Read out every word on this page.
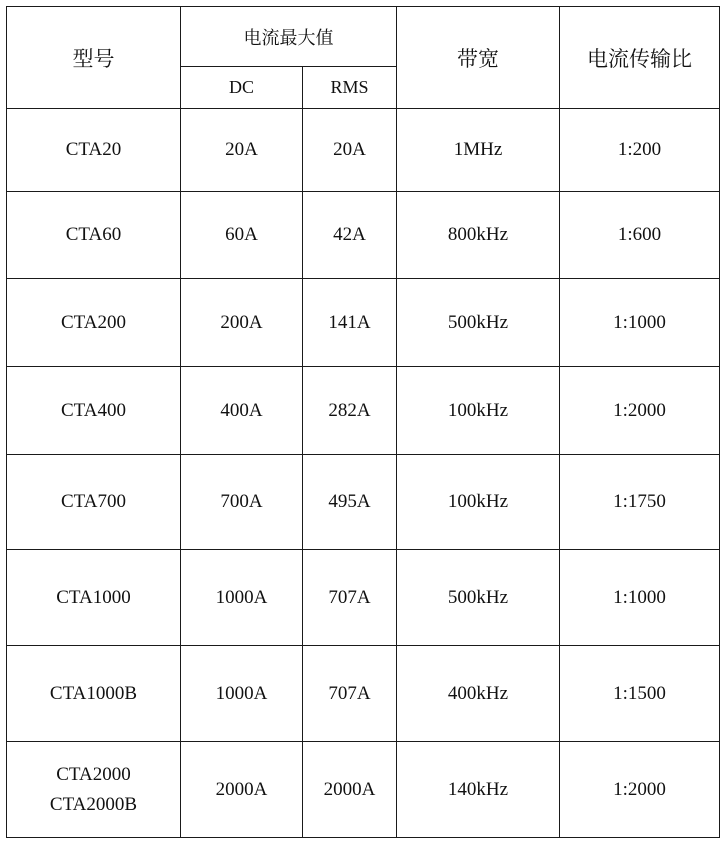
型号	电流最大值		带宽	电流传输比
	DC	RMS		

CTA20	20A	20A	1MHz	1:200

CTA60	60A	42A	800kHz	1:600

CTA200	200A	141A	500kHz	1:1000

CTA400	400A	282A	100kHz	1:2000

CTA700	700A	495A	100kHz	1:1750

CTA1000	1000A	707A	500kHz	1:1000

CTA1000B	1000A	707A	400kHz	1:1500

CTA2000
CTA2000B	2000A	2000A	140kHz	1:2000
